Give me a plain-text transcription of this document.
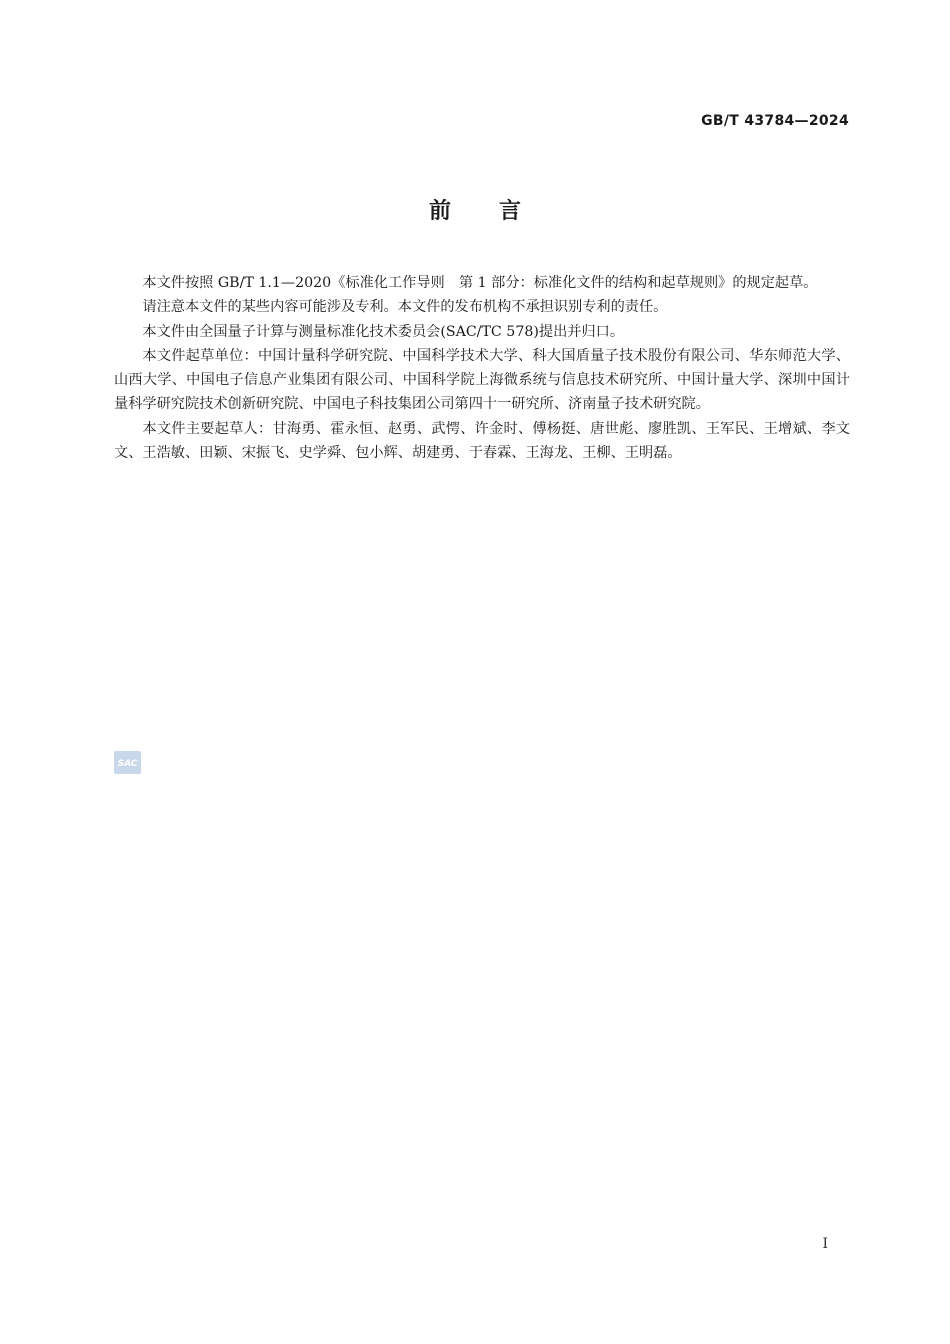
GB/T 43784—2024
前言

本文件按照 GB/T 1.1—2020《标准化工作导则　第 1 部分：标准化文件的结构和起草规则》的规定起草。

请注意本文件的某些内容可能涉及专利。本文件的发布机构不承担识别专利的责任。

本文件由全国量子计算与测量标准化技术委员会(SAC/TC 578)提出并归口。

本文件起草单位：中国计量科学研究院、中国科学技术大学、科大国盾量子技术股份有限公司、华东师范大学、山西大学、中国电子信息产业集团有限公司、中国科学院上海微系统与信息技术研究所、中国计量大学、深圳中国计量科学研究院技术创新研究院、中国电子科技集团公司第四十一研究所、济南量子技术研究院。

本文件主要起草人：甘海勇、霍永恒、赵勇、武愕、许金时、傅杨挺、唐世彪、廖胜凯、王军民、王增斌、李文文、王浩敏、田颖、宋振飞、史学舜、包小辉、胡建勇、于春霖、王海龙、王柳、王明磊。

SAC
I
